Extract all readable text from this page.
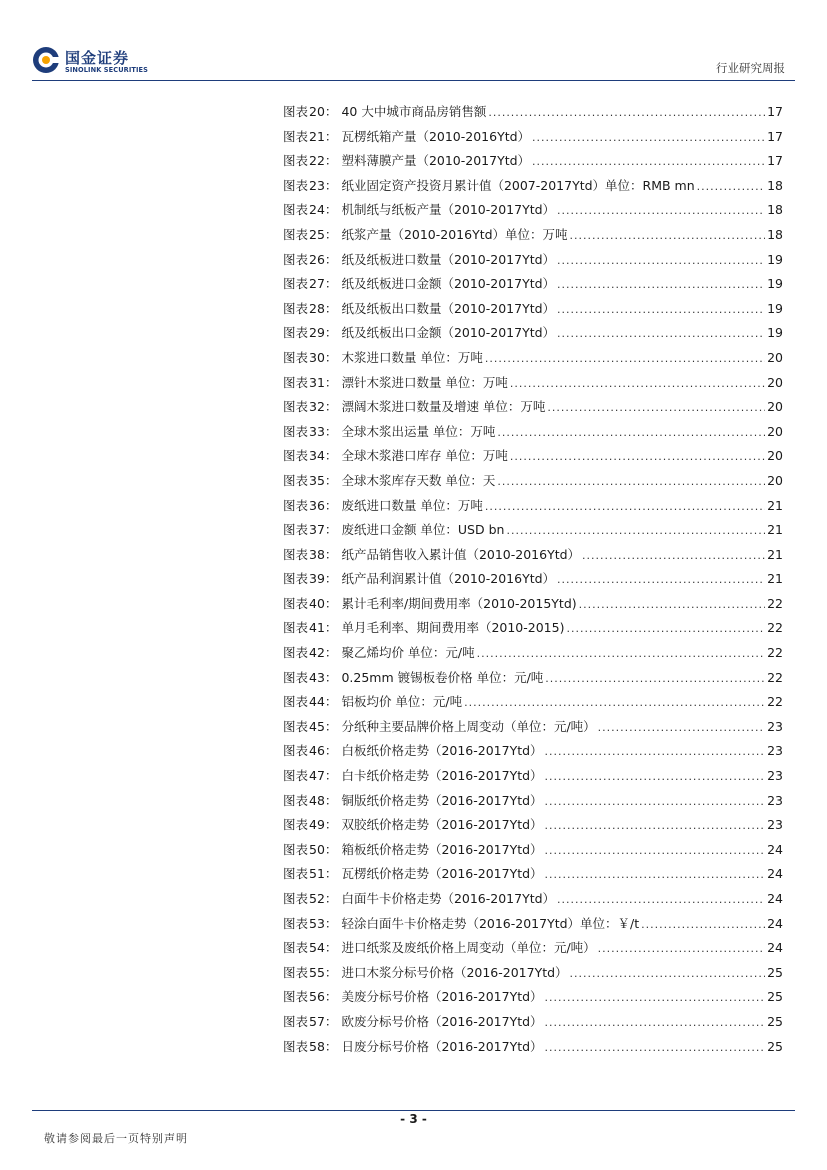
国金证券
SINOLINK SECURITIES	行业研究周报
图表 20 ： 40 大中城市商品房销售额 .....	17
图表 21 ： 瓦楞纸箱产量（2010-2016Ytd） .....	17
图表 22 ： 塑料薄膜产量（2010-2017Ytd） .....	17
图表 23 ： 纸业固定资产投资月累计值（2007-2017Ytd）单位：RMB mn .....	18
图表 24 ： 机制纸与纸板产量（2010-2017Ytd） .....	18
图表 25 ： 纸浆产量（2010-2016Ytd）单位：万吨 .....	18
图表 26 ： 纸及纸板进口数量（2010-2017Ytd） .....	19
图表 27 ： 纸及纸板进口金额（2010-2017Ytd） .....	19
图表 28 ： 纸及纸板出口数量（2010-2017Ytd） .....	19
图表 29 ： 纸及纸板出口金额（2010-2017Ytd） .....	19
图表 30 ： 木浆进口数量 单位：万吨 .....	20
图表 31 ： 漂针木浆进口数量 单位：万吨 .....	20
图表 32 ： 漂阔木浆进口数量及增速 单位：万吨 .....	20
图表 33 ： 全球木浆出运量 单位：万吨 .....	20
图表 34 ： 全球木浆港口库存 单位：万吨 .....	20
图表 35 ： 全球木浆库存天数 单位：天 .....	20
图表 36 ： 废纸进口数量 单位：万吨 .....	21
图表 37 ： 废纸进口金额 单位：USD bn .....	21
图表 38 ： 纸产品销售收入累计值（2010-2016Ytd） .....	21
图表 39 ： 纸产品利润累计值（2010-2016Ytd） .....	21
图表 40 ： 累计毛利率/期间费用率（2010-2015Ytd) .....	22
图表 41 ： 单月毛利率、期间费用率（2010-2015) .....	22
图表 42 ： 聚乙烯均价 单位：元/吨 .....	22
图表 43 ： 0.25mm 镀锡板卷价格 单位：元/吨 .....	22
图表 44 ： 铝板均价 单位：元/吨 .....	22
图表 45 ： 分纸种主要品牌价格上周变动（单位：元/吨） .....	23
图表 46 ： 白板纸价格走势（2016-2017Ytd） .....	23
图表 47 ： 白卡纸价格走势（2016-2017Ytd） .....	23
图表 48 ： 铜版纸价格走势（2016-2017Ytd） .....	23
图表 49 ： 双胶纸价格走势（2016-2017Ytd） .....	23
图表 50 ： 箱板纸价格走势（2016-2017Ytd） .....	24
图表 51 ： 瓦楞纸价格走势（2016-2017Ytd） .....	24
图表 52 ： 白面牛卡价格走势（2016-2017Ytd） .....	24
图表 53 ： 轻涂白面牛卡价格走势（2016-2017Ytd）单位：￥/t .....	24
图表 54 ： 进口纸浆及废纸价格上周变动（单位：元/吨） .....	24
图表 55 ： 进口木浆分标号价格（2016-2017Ytd） .....	25
图表 56 ： 美废分标号价格（2016-2017Ytd） .....	25
图表 57 ： 欧废分标号价格（2016-2017Ytd） .....	25
图表 58 ： 日废分标号价格（2016-2017Ytd） .....	25
- 3 -
敬请参阅最后一页特别声明
